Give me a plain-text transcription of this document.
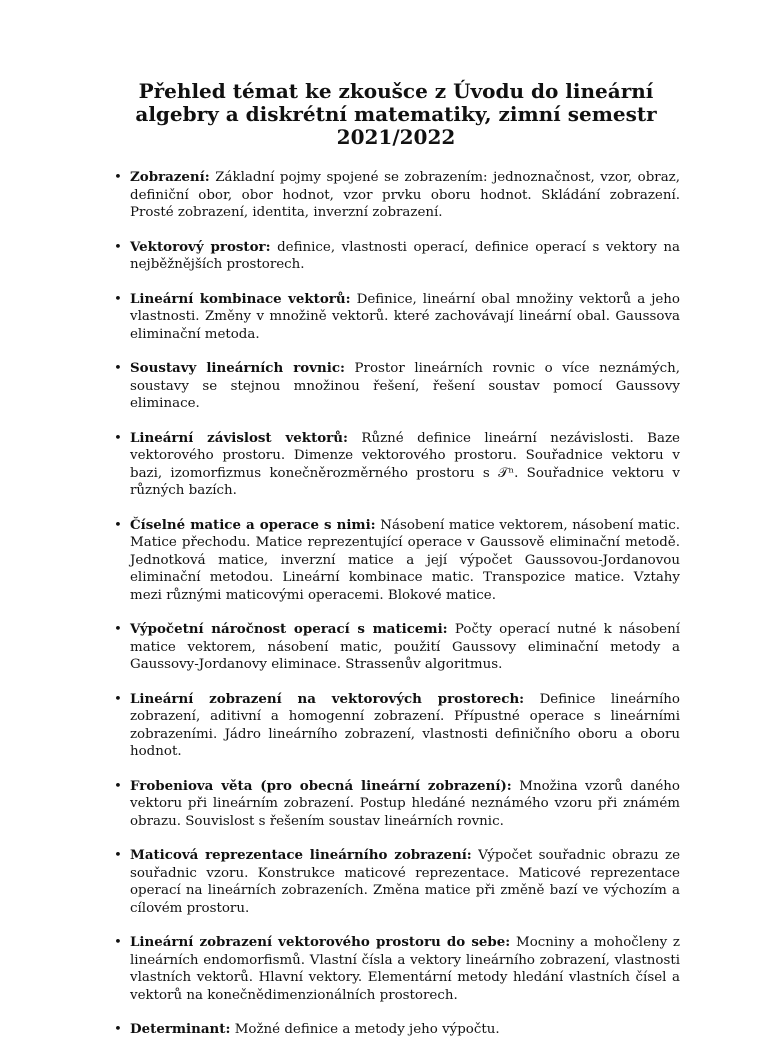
Přehled témat ke zkoušce z Úvodu do lineární
algebry a diskrétní matematiky, zimní semestr
2021/2022
• Zobrazení: Základní pojmy spojené se zobrazením: jednoznačnost, vzor, obraz, definiční obor, obor hodnot, vzor prvku oboru hodnot. Skládání zobrazení. Prosté zobrazení, identita, inverzní zobrazení.
• Vektorový prostor: definice, vlastnosti operací, definice operací s vektory na nejběžnějších prostorech.
• Lineární kombinace vektorů: Definice, lineární obal množiny vektorů a jeho vlastnosti. Změny v množině vektorů. které zachovávají lineární obal. Gaussova eliminační metoda.
• Soustavy lineárních rovnic: Prostor lineárních rovnic o více neznámých, soustavy se stejnou množinou řešení, řešení soustav pomocí Gaussovy eliminace.
• Lineární závislost vektorů: Různé definice lineární nezávislosti. Baze vektorového prostoru. Dimenze vektorového prostoru. Souřadnice vektoru v bazi, izomorfizmus konečněrozměrného prostoru s 𝒯ⁿ. Souřadnice vektoru v různých bazích.
• Číselné matice a operace s nimi: Násobení matice vektorem, násobení matic. Matice přechodu. Matice reprezentující operace v Gaussově eliminační metodě. Jednotková matice, inverzní matice a její výpočet Gaussovou-Jordanovou eliminační metodou. Lineární kombinace matic. Transpozice matice. Vztahy mezi různými maticovými operacemi. Blokové matice.
• Výpočetní náročnost operací s maticemi: Počty operací nutné k násobení matice vektorem, násobení matic, použití Gaussovy eliminační metody a Gaussovy-Jordanovy eliminace. Strassenův algoritmus.
• Lineární zobrazení na vektorových prostorech: Definice lineárního zobrazení, aditivní a homogenní zobrazení. Přípustné operace s lineárními zobrazeními. Jádro lineárního zobrazení, vlastnosti definičního oboru a oboru hodnot.
• Frobeniova věta (pro obecná lineární zobrazení): Množina vzorů daného vektoru při lineárním zobrazení. Postup hledáné neznámého vzoru při známém obrazu. Souvislost s řešením soustav lineárních rovnic.
• Maticová reprezentace lineárního zobrazení: Výpočet souřadnic obrazu ze souřadnic vzoru. Konstrukce maticové reprezentace. Maticové reprezentace operací na lineárních zobrazeních. Změna matice při změně bazí ve výchozím a cílovém prostoru.
• Lineární zobrazení vektorového prostoru do sebe: Mocniny a mohočleny z lineárních endomorfismů. Vlastní čísla a vektory lineárního zobrazení, vlastnosti vlastních vektorů. Hlavní vektory. Elementární metody hledání vlastních čísel a vektorů na konečnědimenzionálních prostorech.
• Determinant: Možné definice a metody jeho výpočtu.
